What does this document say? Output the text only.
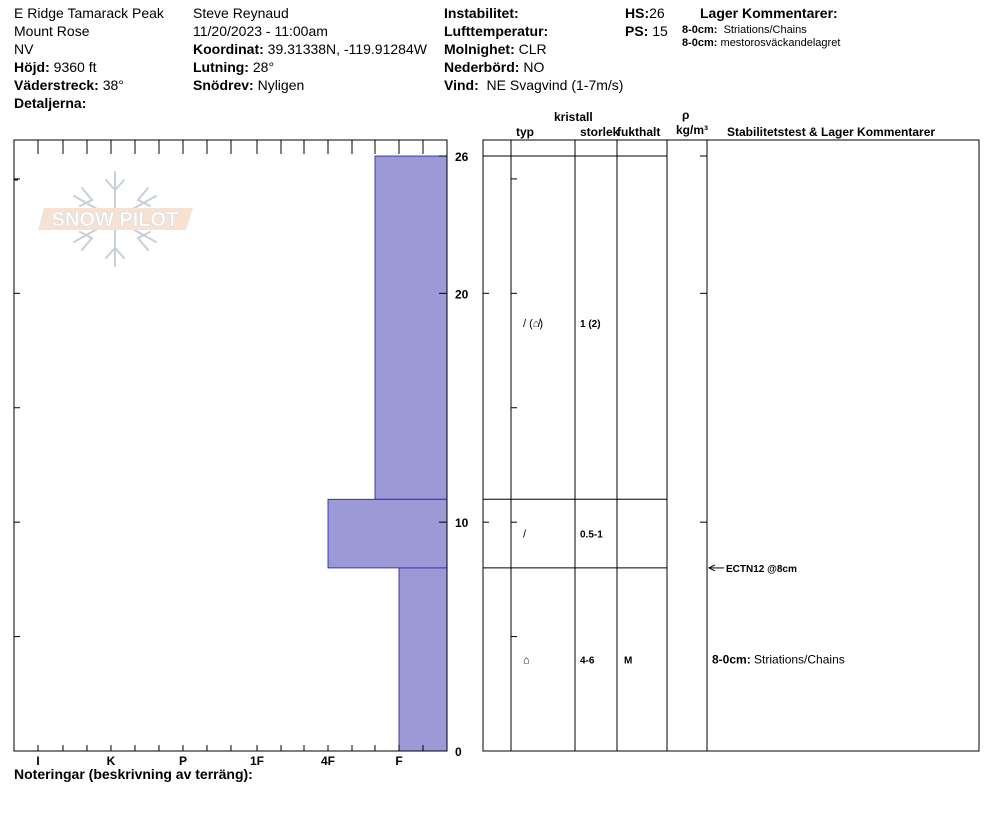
E Ridge Tamarack Peak
Mount Rose
NV
Höjd: 9360 ft
Väderstreck: 38°
Detaljerna:
Steve Reynaud
11/20/2023 - 11:00am
Koordinat: 39.31338N, -119.91284W
Lutning: 28°
Snödrev: Nyligen
Instabilitet:
Lufttemperatur:
Molnighet: CLR
Nederbörd: NO
Vind: NE Svagvind (1-7m/s)
HS:26
PS: 15
Lager Kommentarer:
8-0cm: Striations/Chains
8-0cm: mestorosväckandelagret
typ
kristall
storlek
fukthalt
ρ
kg/m³ Stabilitetstest & Lager Kommentarer
SNOW PILOT
I	K	P	1F	4F	F
0
10
20
26
/ (⌂̸)	1 (2)
/	0.5-1
⌂	4-6	M
ECTN12 @8cm
8-0cm: Striations/Chains
Noteringar (beskrivning av terräng):
